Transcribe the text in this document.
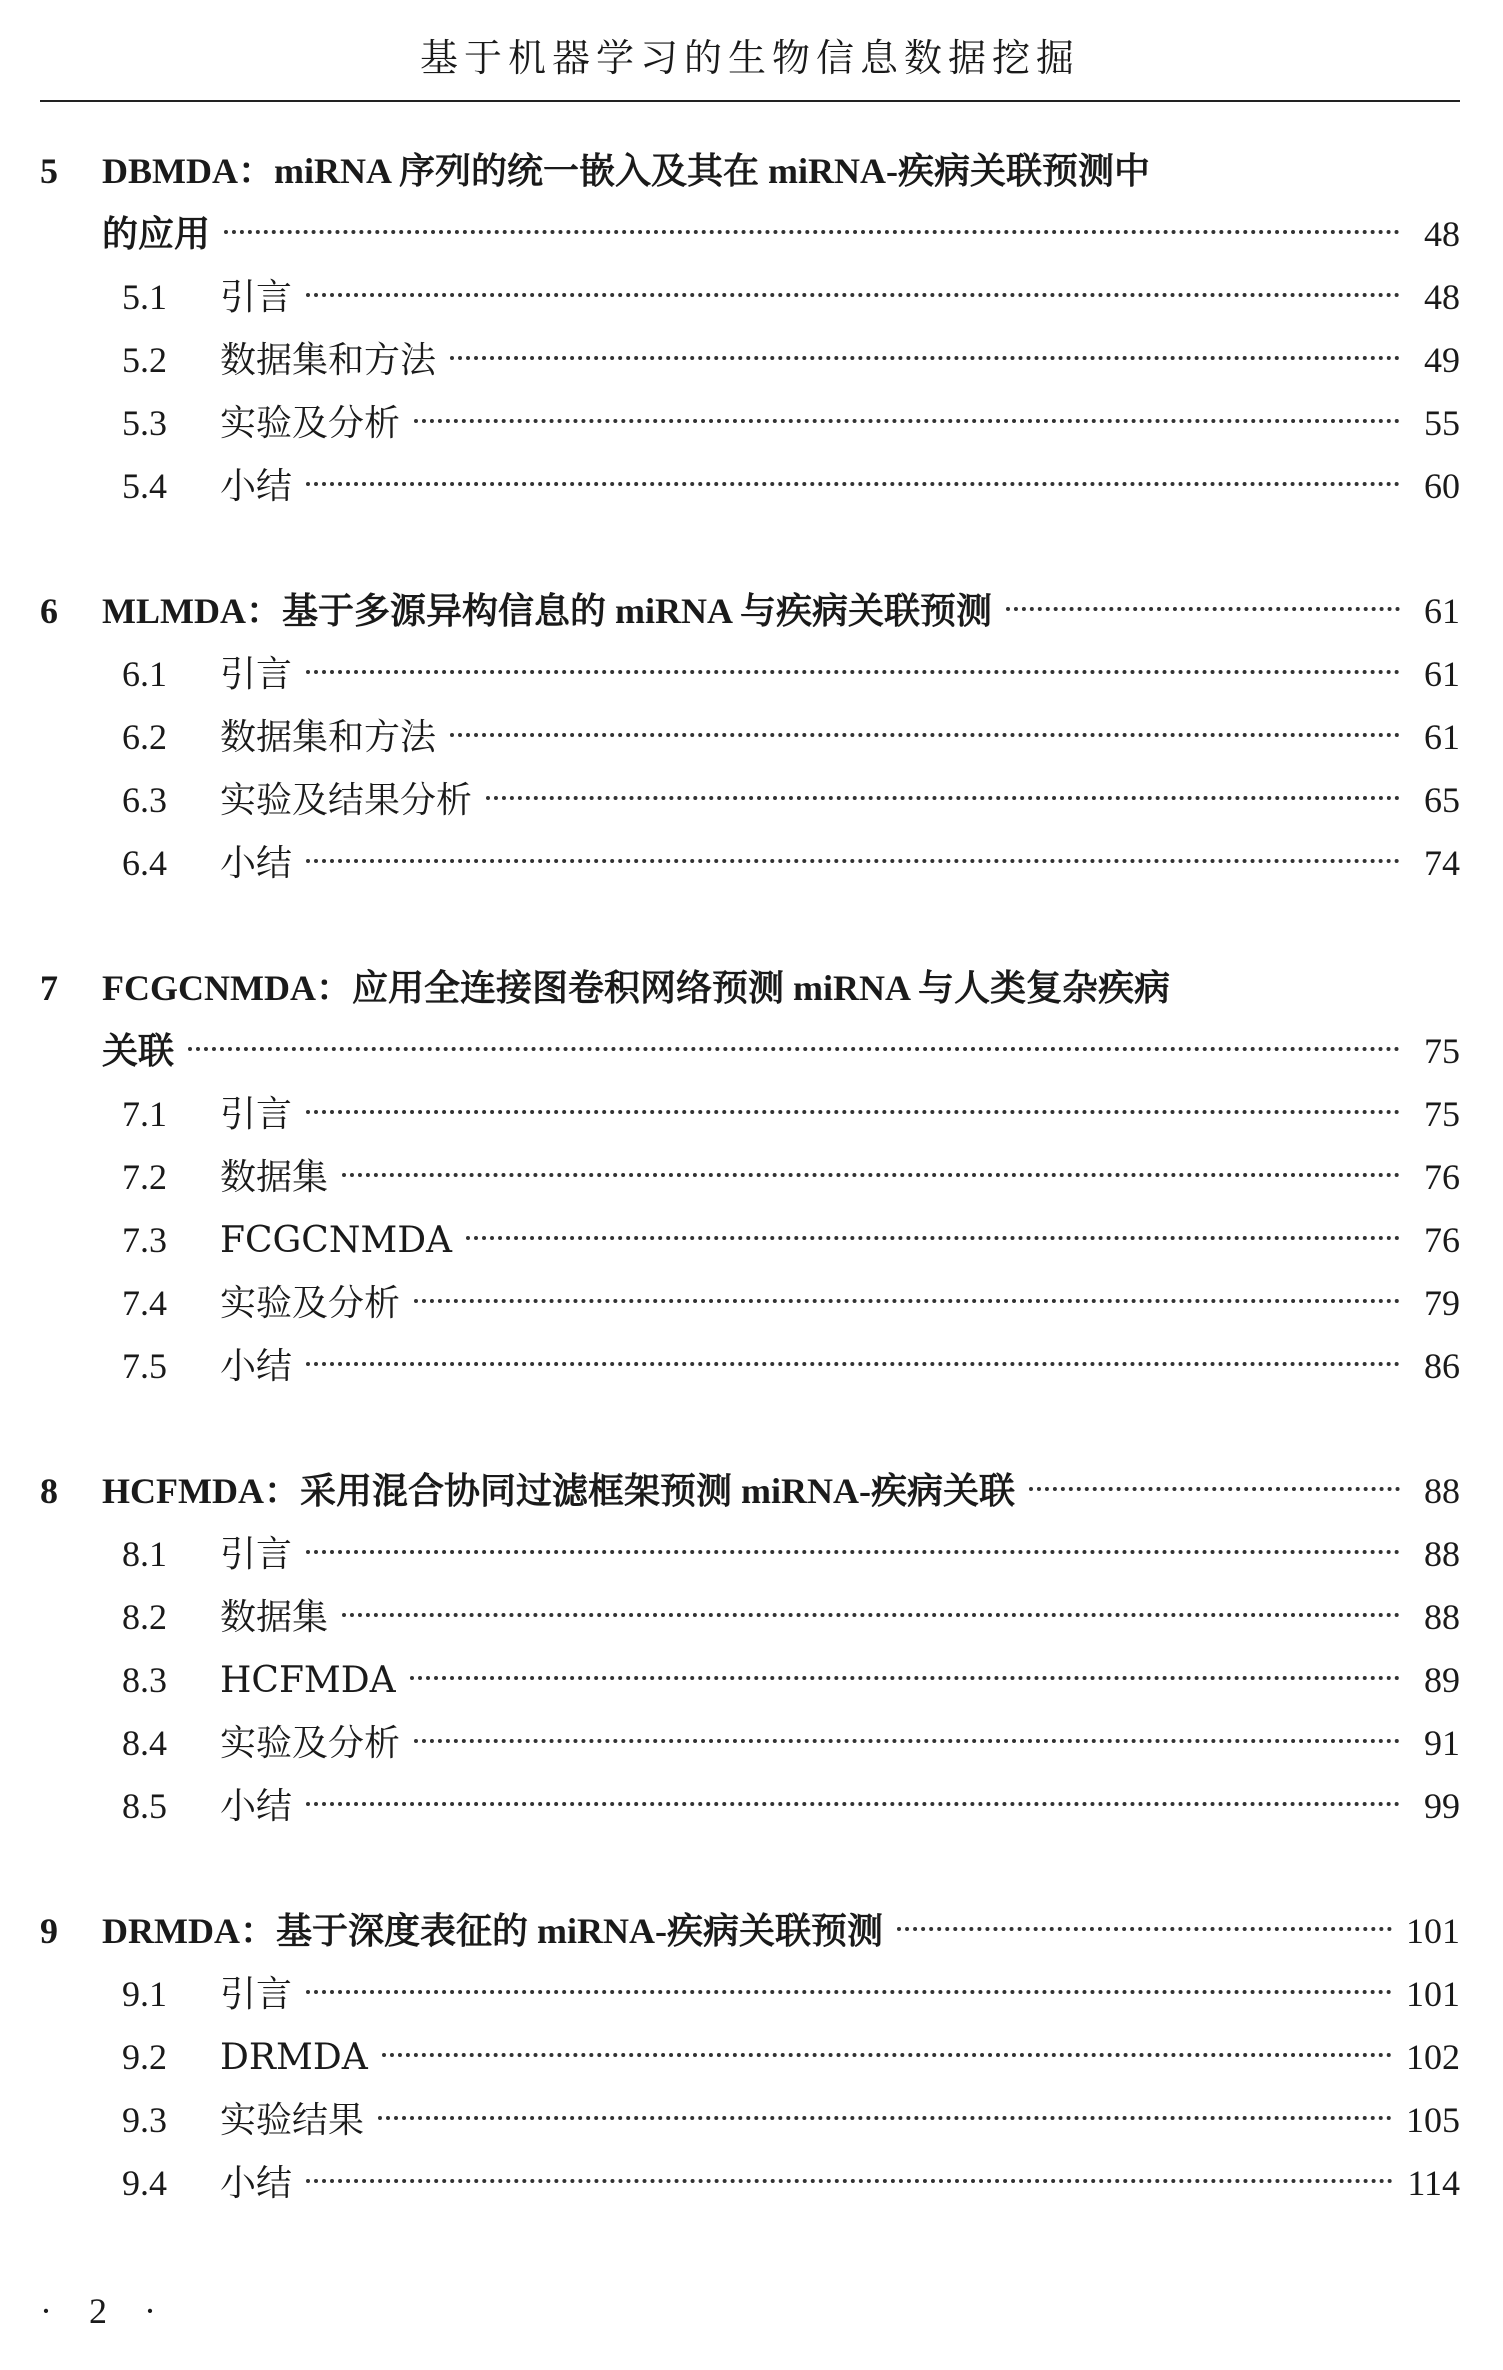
基于机器学习的生物信息数据挖掘
5	DBMDA：miRNA 序列的统一嵌入及其在 miRNA-疾病关联预测中
的应用	48
5.1	引言	48
5.2	数据集和方法	49
5.3	实验及分析	55
5.4	小结	60
6	MLMDA：基于多源异构信息的 miRNA 与疾病关联预测	61
6.1	引言	61
6.2	数据集和方法	61
6.3	实验及结果分析	65
6.4	小结	74
7	FCGCNMDA：应用全连接图卷积网络预测 miRNA 与人类复杂疾病
关联	75
7.1	引言	75
7.2	数据集	76
7.3	FCGCNMDA	76
7.4	实验及分析	79
7.5	小结	86
8	HCFMDA：采用混合协同过滤框架预测 miRNA-疾病关联	88
8.1	引言	88
8.2	数据集	88
8.3	HCFMDA	89
8.4	实验及分析	91
8.5	小结	99
9	DRMDA：基于深度表征的 miRNA-疾病关联预测	101
9.1	引言	101
9.2	DRMDA	102
9.3	实验结果	105
9.4	小结	114
· 2 ·
